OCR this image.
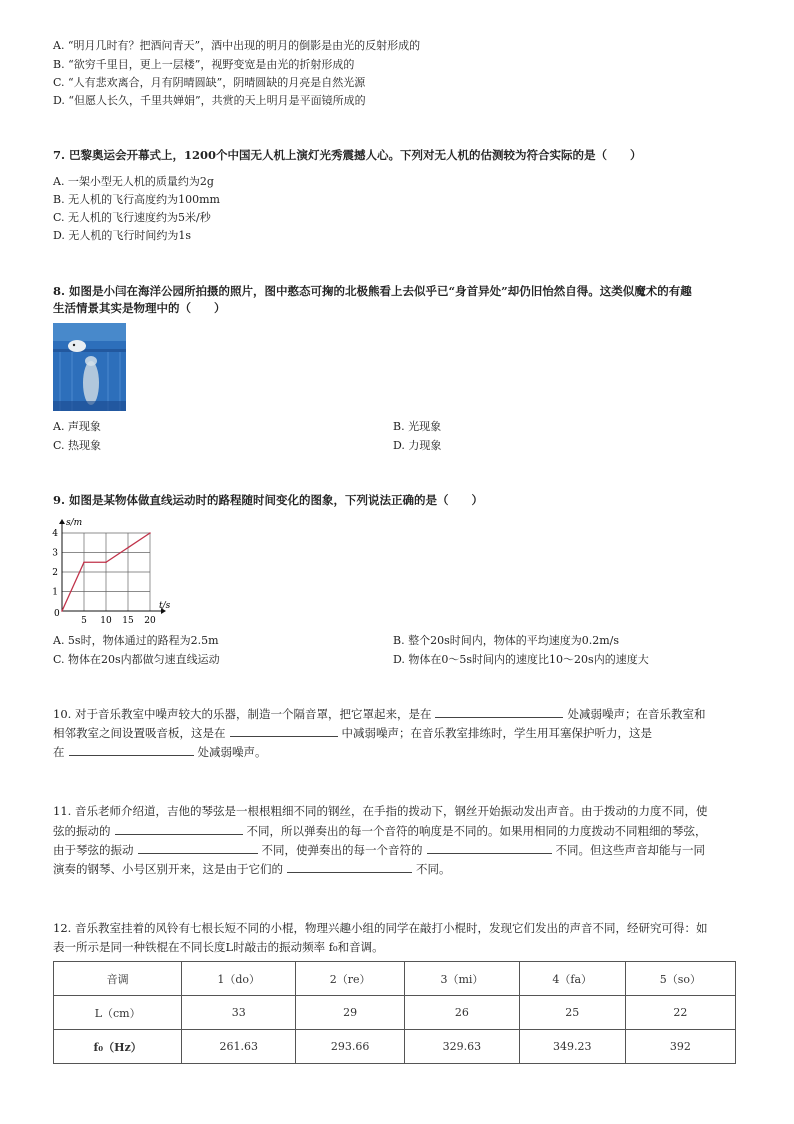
A. “明月几时有？把酒问青天”，酒中出现的明月的倒影是由光的反射形成的
B. “欲穷千里目，更上一层楼”，视野变宽是由光的折射形成的
C. “人有悲欢离合，月有阴晴圆缺”，阴晴圆缺的月亮是自然光源
D. “但愿人长久，千里共婵娟”，共赏的天上明月是平面镜所成的
7. 巴黎奥运会开幕式上，1200个中国无人机上演灯光秀震撼人心。下列对无人机的估测较为符合实际的是（　　）
A. 一架小型无人机的质量约为2g
B. 无人机的飞行高度约为100mm
C. 无人机的飞行速度约为5米/秒
D. 无人机的飞行时间约为1s
8. 如图是小闫在海洋公园所拍摄的照片，图中憨态可掬的北极熊看上去似乎已“身首异处”却仍旧怡然自得。这类似魔术的有趣
生活情景其实是物理中的（　　）
A. 声现象	B. 光现象
C. 热现象	D. 力现象
9. 如图是某物体做直线运动时的路程随时间变化的图象，下列说法正确的是（　　）
5 10 15 20
1
2
3
4
s/m
t/s
0
A. 5s时，物体通过的路程为2.5m	B. 整个20s时间内，物体的平均速度为0.2m/s
C. 物体在20s内都做匀速直线运动	D. 物体在0～5s时间内的速度比10～20s内的速度大
10. 对于音乐教室中噪声较大的乐器，制造一个隔音罩，把它罩起来，是在	处减弱噪声；在音乐教室和
相邻教室之间设置吸音板，这是在	中减弱噪声；在音乐教室排练时，学生用耳塞保护听力，这是
在	处减弱噪声。
11. 音乐老师介绍道，吉他的琴弦是一根根粗细不同的钢丝，在手指的拨动下，钢丝开始振动发出声音。由于拨动的力度不同，使
弦的振动的	不同，所以弹奏出的每一个音符的响度是不同的。如果用相同的力度拨动不同粗细的琴弦，
由于琴弦的振动	不同，使弹奏出的每一个音符的	不同。但这些声音却能与一同
演奏的钢琴、小号区别开来，这是由于它们的	不同。
12. 音乐教室挂着的风铃有七根长短不同的小棍，物理兴趣小组的同学在敲打小棍时，发现它们发出的声音不同，经研究可得：如
表一所示是同一种铁棍在不同长度L时敲击的振动频率 f₀和音调。
音调	1（do）	2（re）	3（mi）	4（fa）	5（so）
L（cm）	33	29	26	25	22
f₀（Hz）	261.63	293.66	329.63	349.23	392
